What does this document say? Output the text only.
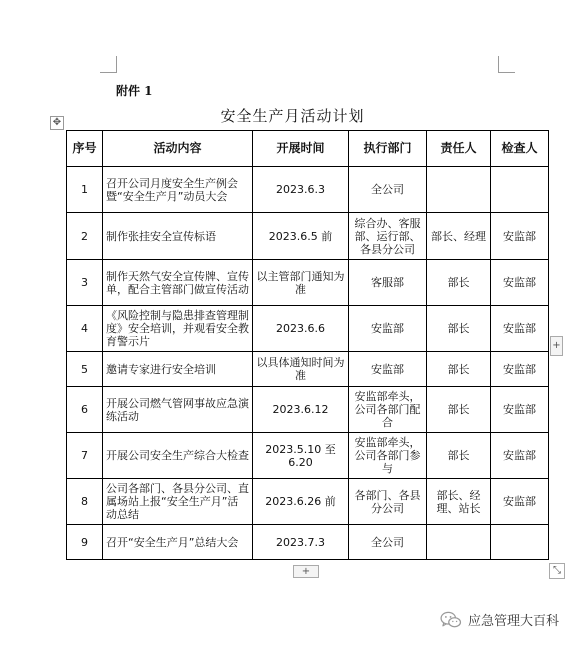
附件 1
安全生产月活动计划
✥
序号	活动内容	开展时间	执行部门	责任人	检查人
1	召开公司月度安全生产例会暨“安全生产月”动员大会	2023.6.3	全公司		
2	制作张挂安全宣传标语	2023.6.5 前	综合办、客服部、运行部、各县分公司	部长、经理	安监部
3	制作天然气安全宣传牌、宣传单，配合主管部门做宣传活动	以主管部门通知为准	客服部	部长	安监部
4	《风险控制与隐患排查管理制度》安全培训，并观看安全教育警示片	2023.6.6	安监部	部长	安监部
5	邀请专家进行安全培训	以具体通知时间为准	安监部	部长	安监部
6	开展公司燃气管网事故应急演练活动	2023.6.12	安监部牵头，公司各部门配合	部长	安监部
7	开展公司安全生产综合大检查	2023.5.10 至 6.20	安监部牵头，公司各部门参与	部长	安监部
8	公司各部门、各县分公司、直属场站上报“安全生产月”活动总结	2023.6.26 前	各部门、各县分公司	部长、经理、站长	安监部
9	召开“安全生产月”总结大会	2023.7.3	全公司		
+
+	⤡
应急管理大百科
